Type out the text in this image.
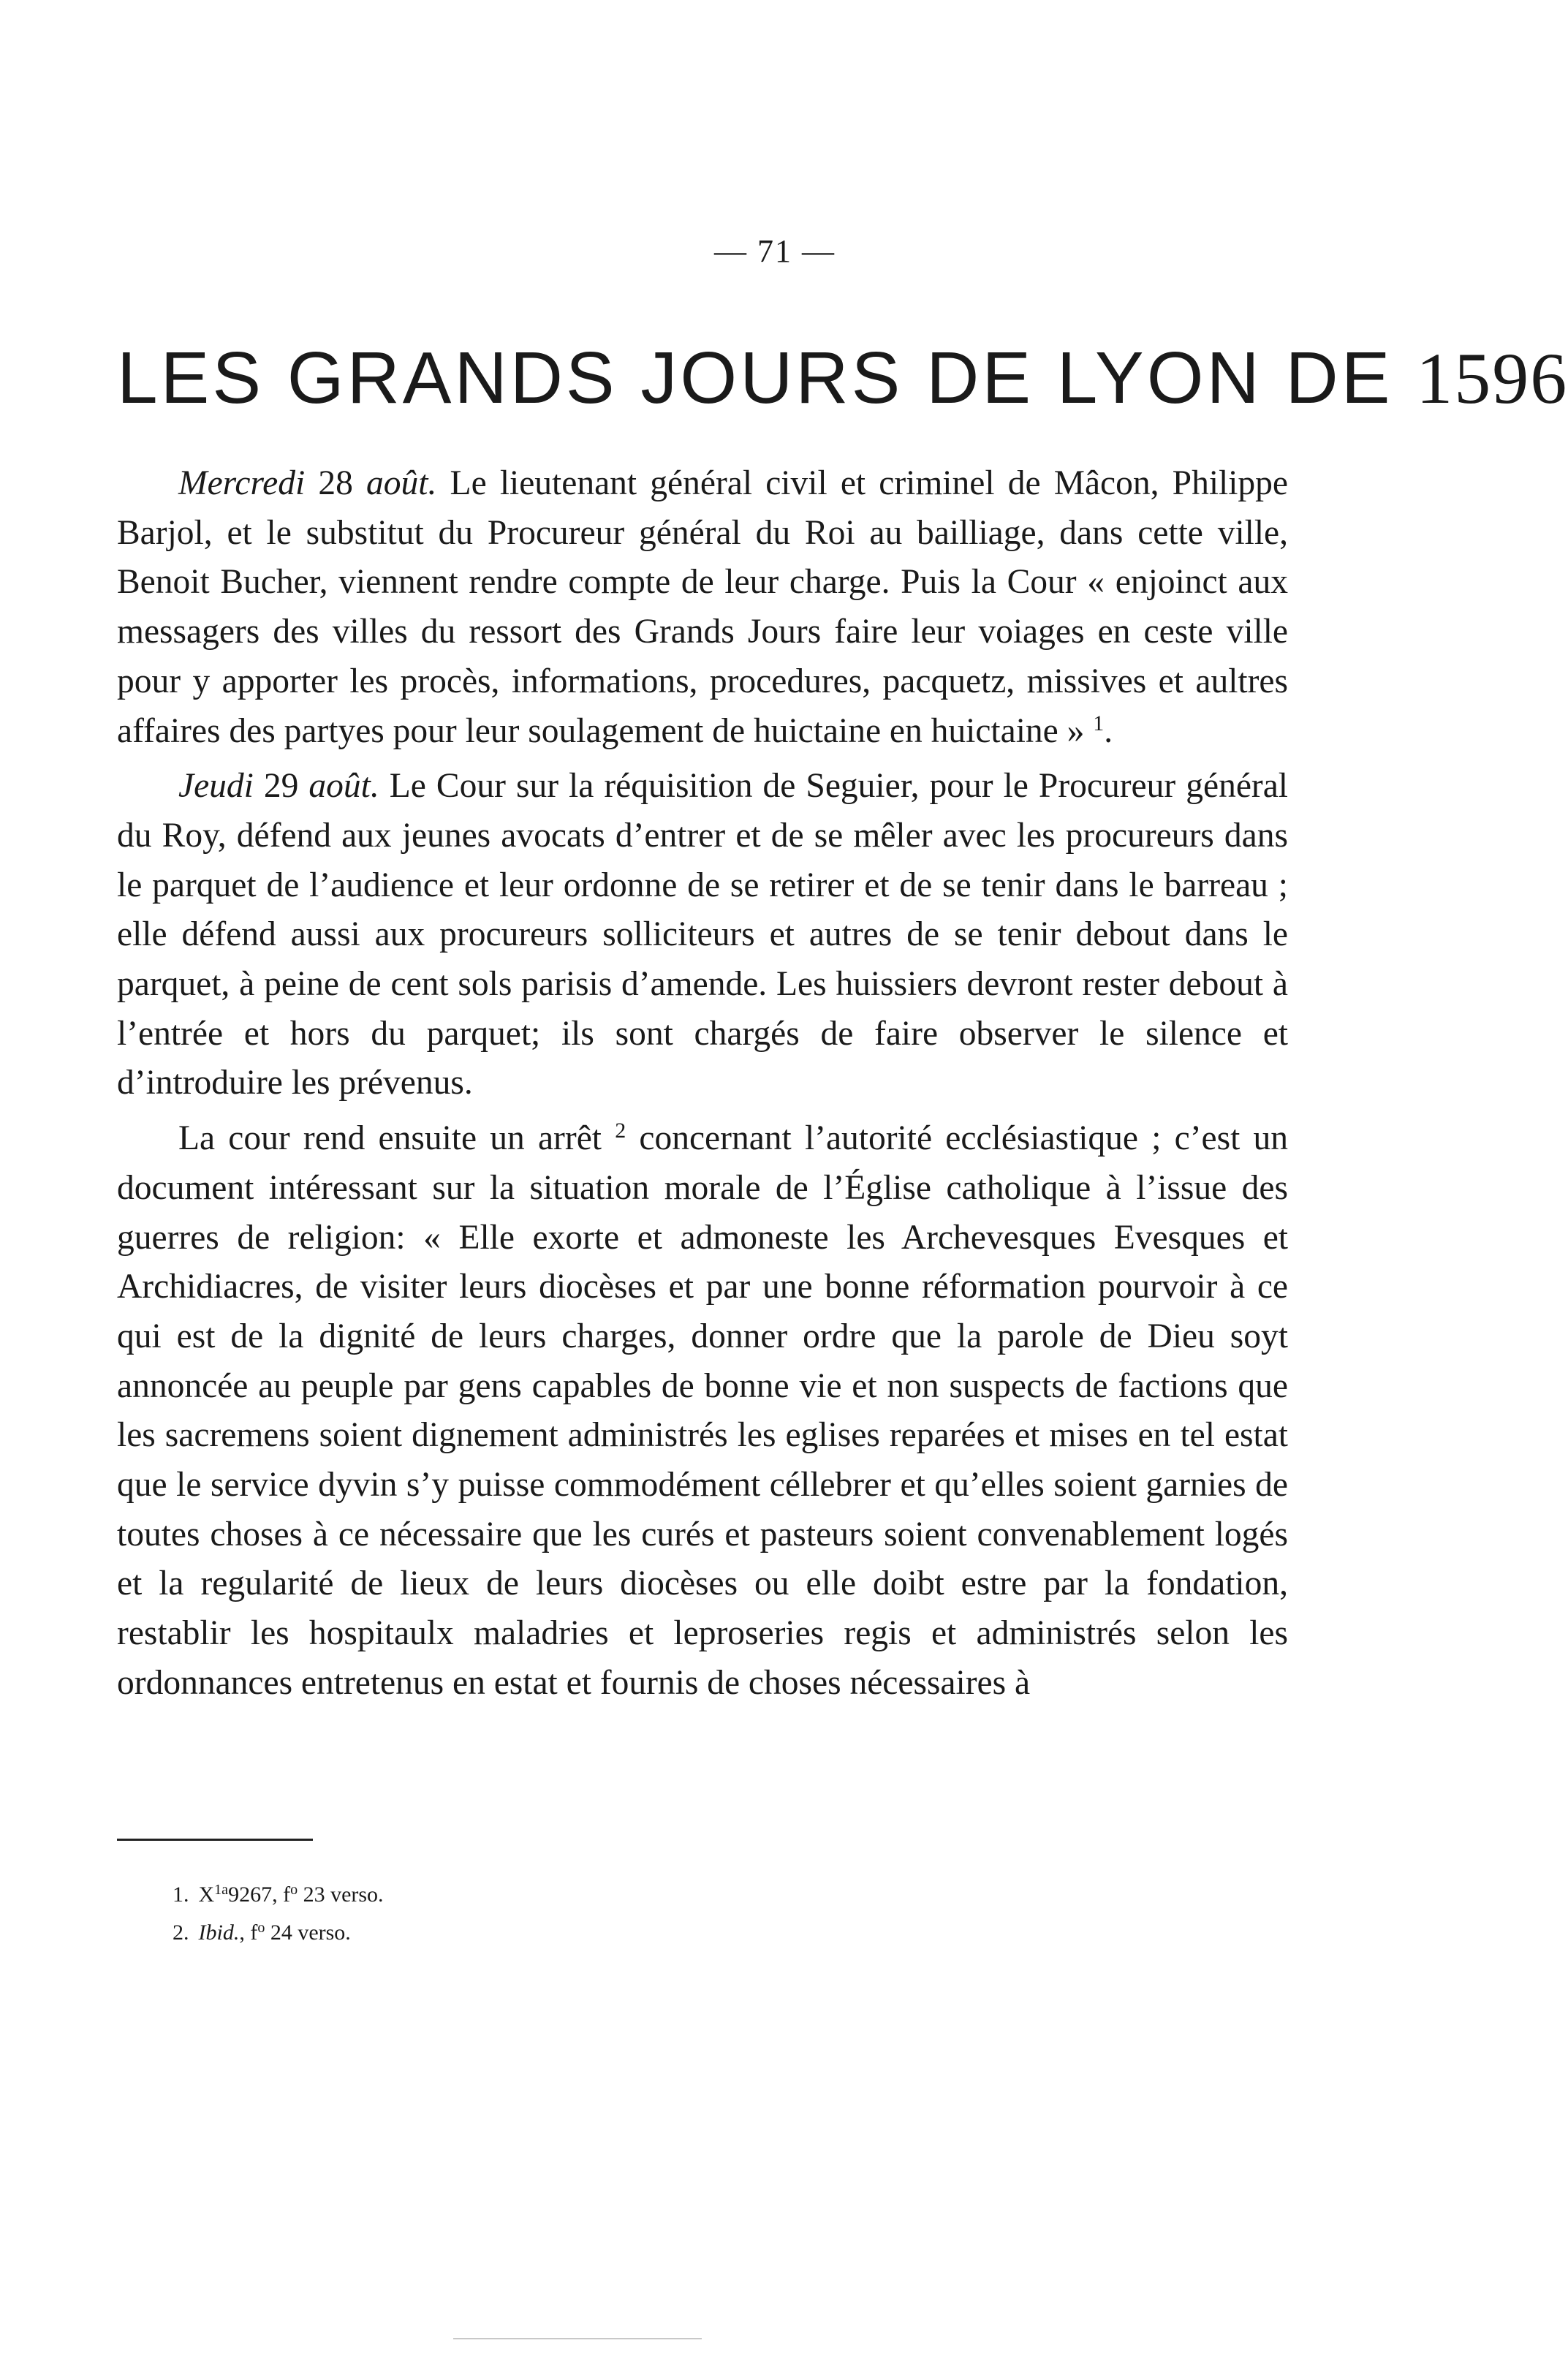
— 71 —
LES GRANDS JOURS DE LYON DE 1596

Mercredi 28 août. Le lieutenant général civil et criminel de Mâcon, Philippe Barjol, et le substitut du Procureur général du Roi au bailliage, dans cette ville, Benoit Bucher, viennent rendre compte de leur charge. Puis la Cour « enjoinct aux messagers des villes du ressort des Grands Jours faire leur voiages en ceste ville pour y apporter les procès, informations, procedures, pacquetz, missives et aultres affaires des partyes pour leur soulagement de huictaine en huictaine » $^1$.

Jeudi 29 août. Le Cour sur la réquisition de Seguier, pour le Procureur général du Roy, défend aux jeunes avocats d’entrer et de se mêler avec les procureurs dans le parquet de l’audience et leur ordonne de se retirer et de se tenir dans le barreau ; elle défend aussi aux procureurs solliciteurs et autres de se tenir debout dans le parquet, à peine de cent sols parisis d’amende. Les huissiers devront rester debout à l’entrée et hors du parquet; ils sont chargés de faire observer le silence et d’introduire les prévenus.

La cour rend ensuite un arrêt $^2$ concernant l’autorité ecclésiastique ; c’est un document intéressant sur la situation morale de l’Église catholique à l’issue des guerres de religion: « Elle exorte et admoneste les Archevesques Evesques et Archidiacres, de visiter leurs diocèses et par une bonne réformation pourvoir à ce qui est de la dignité de leurs charges, donner ordre que la parole de Dieu soyt annoncée au peuple par gens capables de bonne vie et non suspects de factions que les sacremens soient dignement administrés les eglises reparées et mises en tel estat que le service dyvin s’y puisse commodément céllebrer et qu’elles soient garnies de toutes choses à ce nécessaire que les curés et pasteurs soient convenablement logés et la regularité de lieux de leurs diocèses ou elle doibt estre par la fondation, restablir les hospitaulx maladries et leproseries regis et administrés selon les ordonnances entretenus en estat et fournis de choses nécessaires à

1. $X^{1a}9267$, $f^o$ 23 verso.
2. Ibid., $f^o$ 24 verso.
